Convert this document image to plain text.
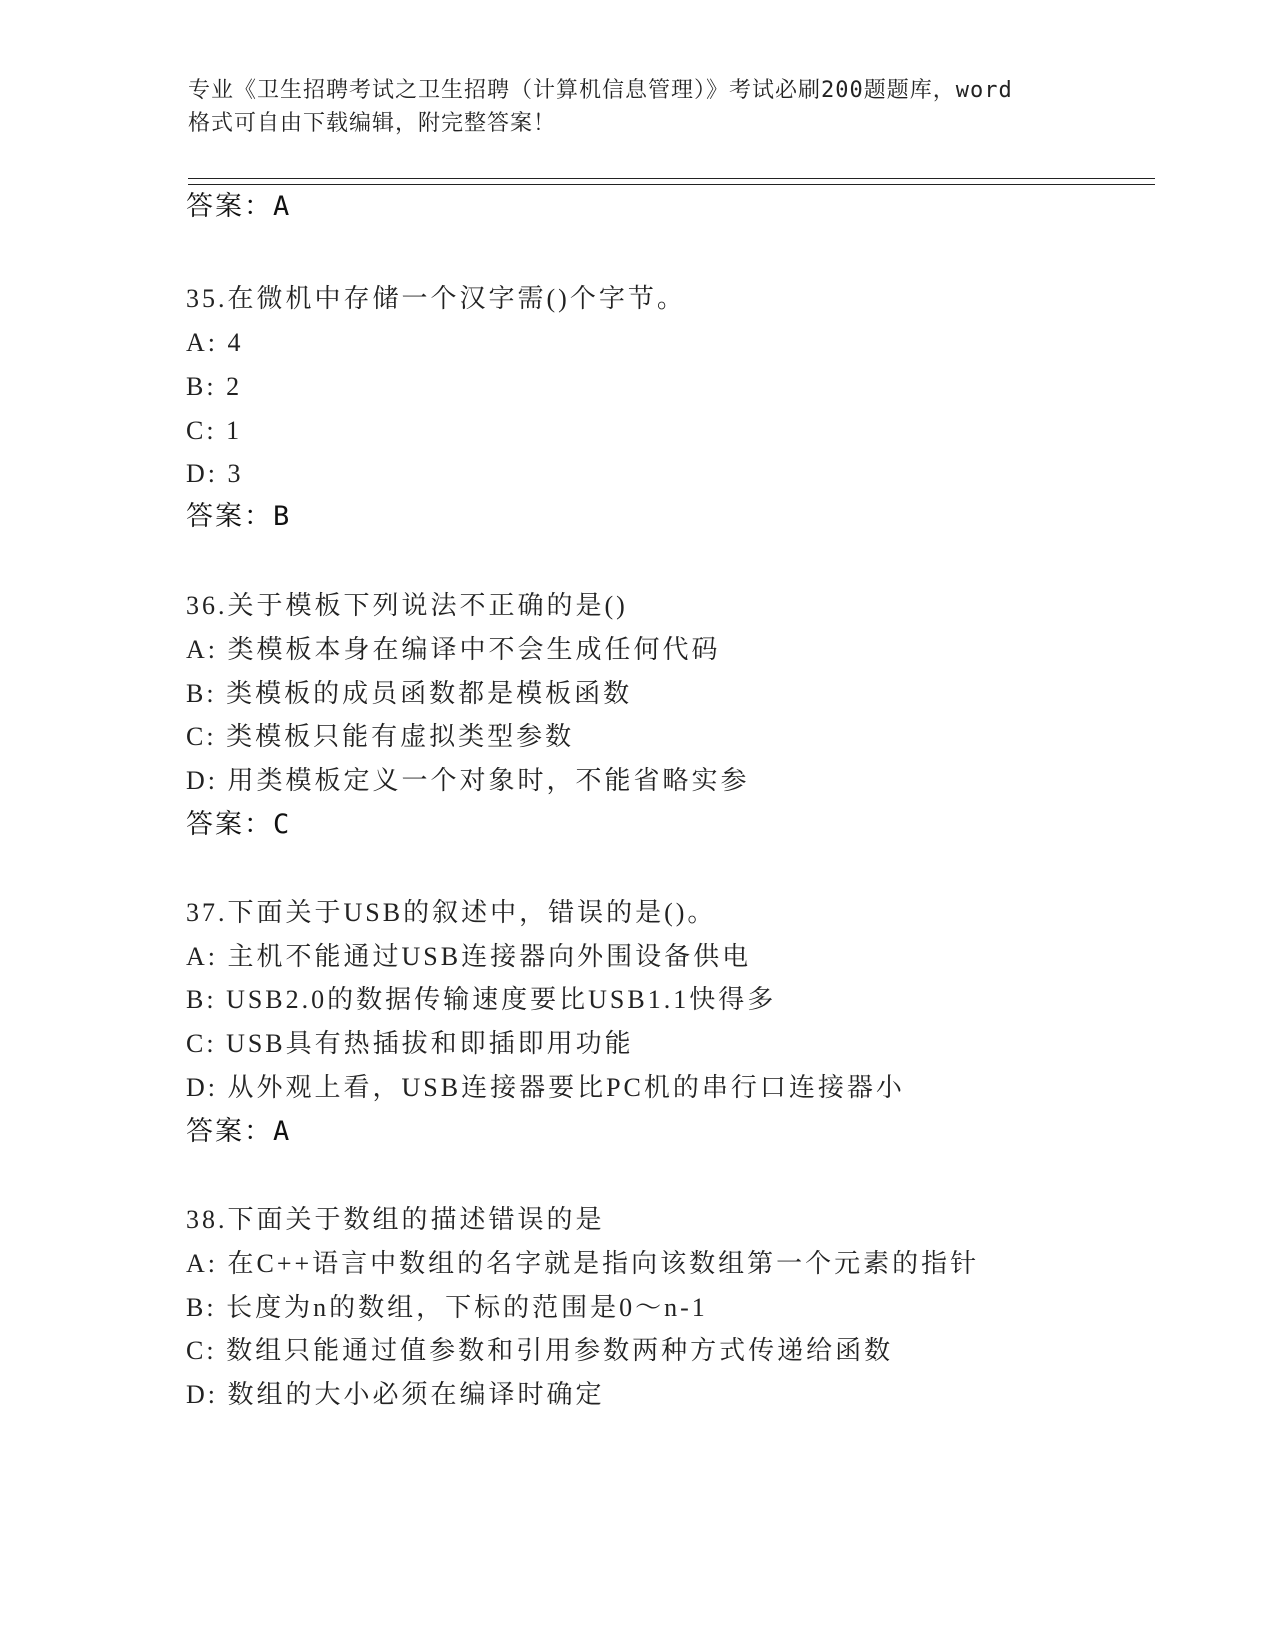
专业《卫生招聘考试之卫生招聘（计算机信息管理）》考试必刷200题题库，word
格式可自由下载编辑，附完整答案！
答案：A
35.在微机中存储一个汉字需()个字节。
A: 4
B: 2
C: 1
D: 3
答案：B
36.关于模板下列说法不正确的是()
A: 类模板本身在编译中不会生成任何代码
B: 类模板的成员函数都是模板函数
C: 类模板只能有虚拟类型参数
D: 用类模板定义一个对象时，不能省略实参
答案：C
37.下面关于USB的叙述中，错误的是()。
A: 主机不能通过USB连接器向外围设备供电
B: USB2.0的数据传输速度要比USB1.1快得多
C: USB具有热插拔和即插即用功能
D: 从外观上看，USB连接器要比PC机的串行口连接器小
答案：A
38.下面关于数组的描述错误的是
A: 在C++语言中数组的名字就是指向该数组第一个元素的指针
B: 长度为n的数组，下标的范围是0～n-1
C: 数组只能通过值参数和引用参数两种方式传递给函数
D: 数组的大小必须在编译时确定
